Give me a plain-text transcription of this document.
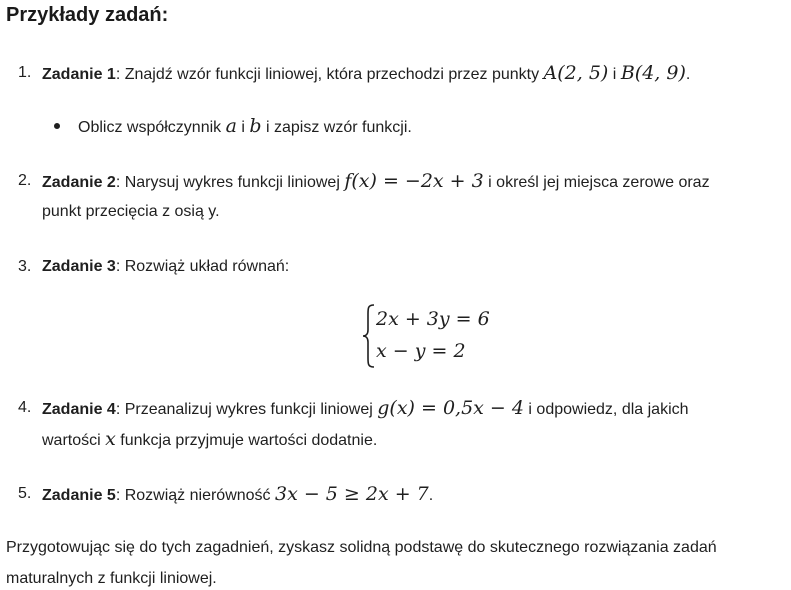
Przykłady zadań:
1. Zadanie 1: Znajdź wzór funkcji liniowej, która przechodzi przez punkty A(2, 5) i B(4, 9).
Oblicz współczynnik a i b i zapisz wzór funkcji.
2. Zadanie 2: Narysuj wykres funkcji liniowej f(x) = −2x + 3 i określ jej miejsca zerowe oraz
punkt przecięcia z osią y.
3. Zadanie 3: Rozwiąż układ równań:
2x + 3y = 6
x − y = 2
4. Zadanie 4: Przeanalizuj wykres funkcji liniowej g(x) = 0,5x − 4 i odpowiedz, dla jakich
wartości x funkcja przyjmuje wartości dodatnie.
5. Zadanie 5: Rozwiąż nierówność 3x − 5 ≥ 2x + 7.
Przygotowując się do tych zagadnień, zyskasz solidną podstawę do skutecznego rozwiązania zadań
maturalnych z funkcji liniowej.
